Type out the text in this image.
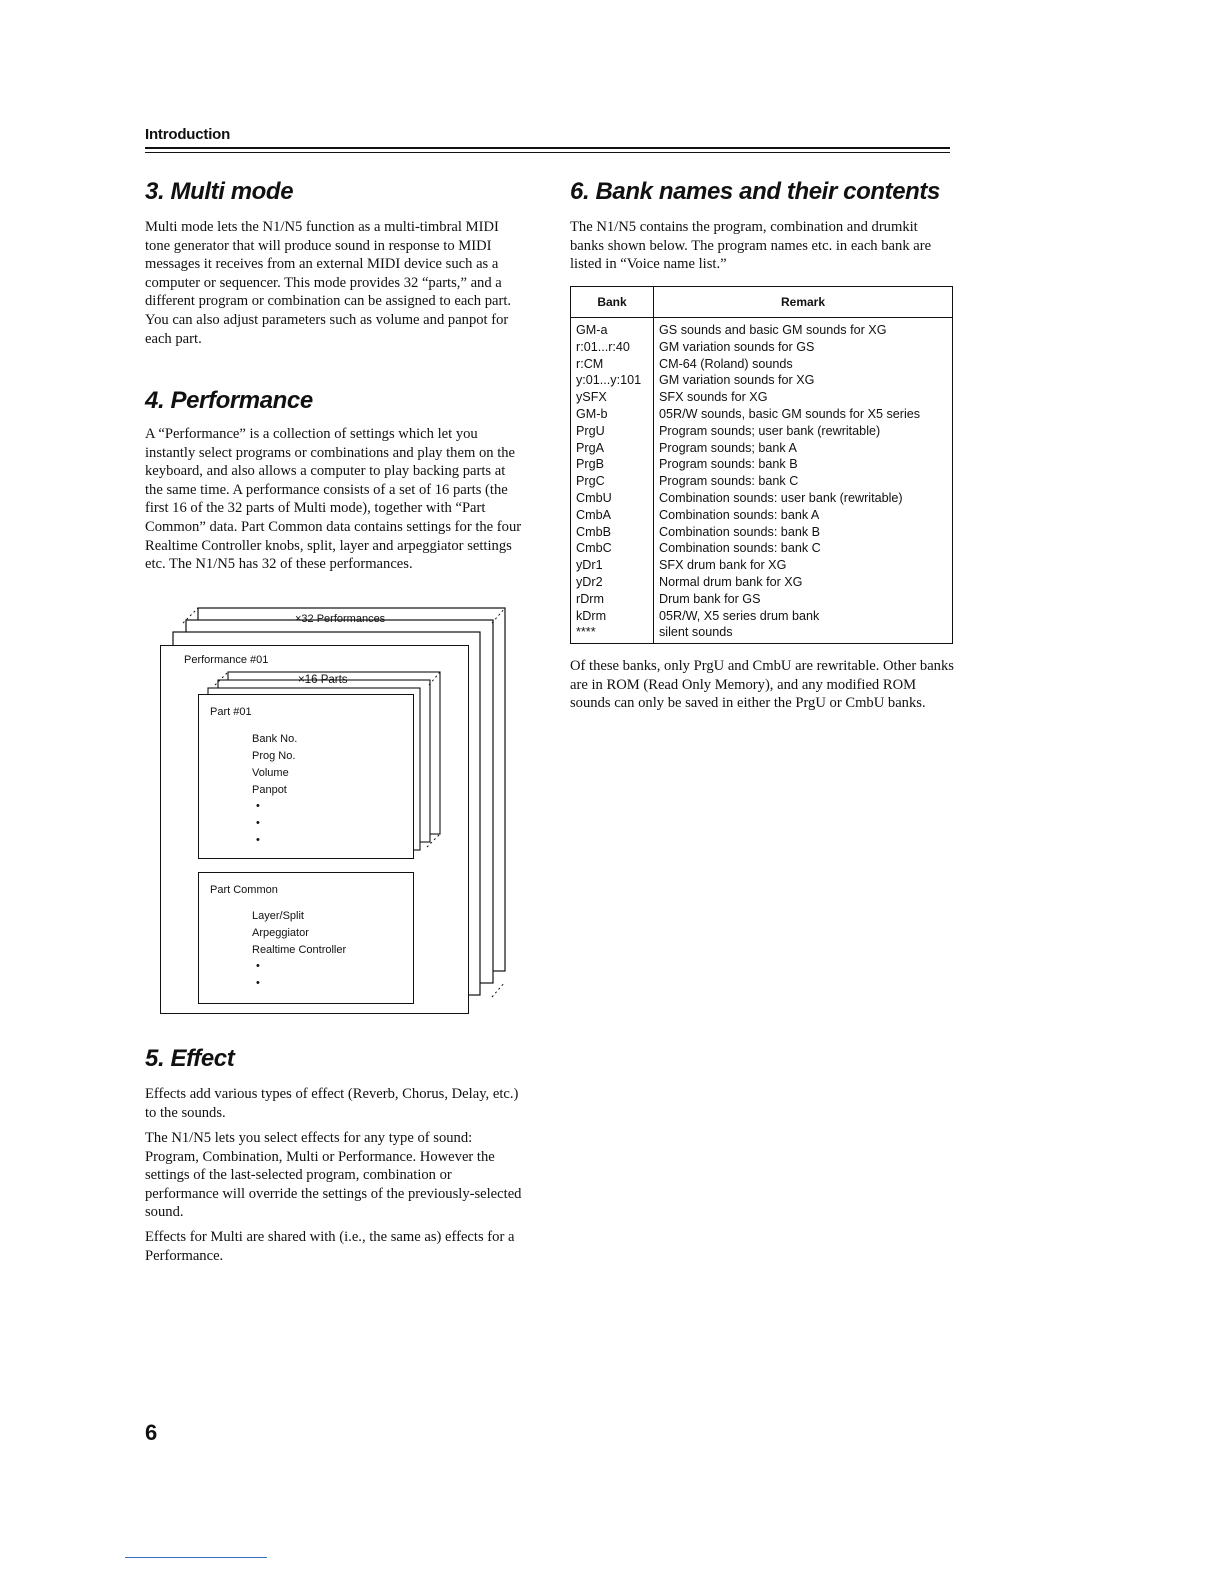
Introduction
3. Multi mode

Multi mode lets the N1/N5 function as a multi-timbral MIDI tone generator that will produce sound in response to MIDI messages it receives from an external MIDI device such as a computer or sequencer. This mode provides 32 “parts,” and a different program or combination can be assigned to each part. You can also adjust parameters such as volume and panpot for each part.

4. Performance

A “Performance” is a collection of settings which let you instantly select programs or combinations and play them on the keyboard, and also allows a computer to play backing parts at the same time. A performance consists of a set of 16 parts (the first 16 of the 32 parts of Multi mode), together with “Part Common” data. Part Common data contains settings for the four Realtime Controller knobs, split, layer and arpeggiator settings etc. The N1/N5 has 32 of these performances.

×32 Performances
Performance #01
×16 Parts
Part #01
Bank No.
Prog No.
Volume
Panpot
•
•
•
Part Common
Layer/Split
Arpeggiator
Realtime Controller
•
•
5. Effect

Effects add various types of effect (Reverb, Chorus, Delay, etc.) to the sounds.

The N1/N5 lets you select effects for any type of sound: Program, Combination, Multi or Performance. However the settings of the last-selected program, combination or performance will override the settings of the previously-selected sound.

Effects for Multi are shared with (i.e., the same as) effects for a Performance.

6. Bank names and their contents

The N1/N5 contains the program, combination and drumkit banks shown below. The program names etc. in each bank are listed in “Voice name list.”

Bank	Remark
GM-a	GS sounds and basic GM sounds for XG
r:01...r:40	GM variation sounds for GS
r:CM	CM-64 (Roland) sounds
y:01...y:101	GM variation sounds for XG
ySFX	SFX sounds for XG
GM-b	05R/W sounds, basic GM sounds for X5 series
PrgU	Program sounds; user bank (rewritable)
PrgA	Program sounds; bank A
PrgB	Program sounds: bank B
PrgC	Program sounds: bank C
CmbU	Combination sounds: user bank (rewritable)
CmbA	Combination sounds: bank A
CmbB	Combination sounds: bank B
CmbC	Combination sounds: bank C
yDr1	SFX drum bank for XG
yDr2	Normal drum bank for XG
rDrm	Drum bank for GS
kDrm	05R/W, X5 series drum bank
****	silent sounds

Of these banks, only PrgU and CmbU are rewritable. Other banks are in ROM (Read Only Memory), and any modified ROM sounds can only be saved in either the PrgU or CmbU banks.

6
